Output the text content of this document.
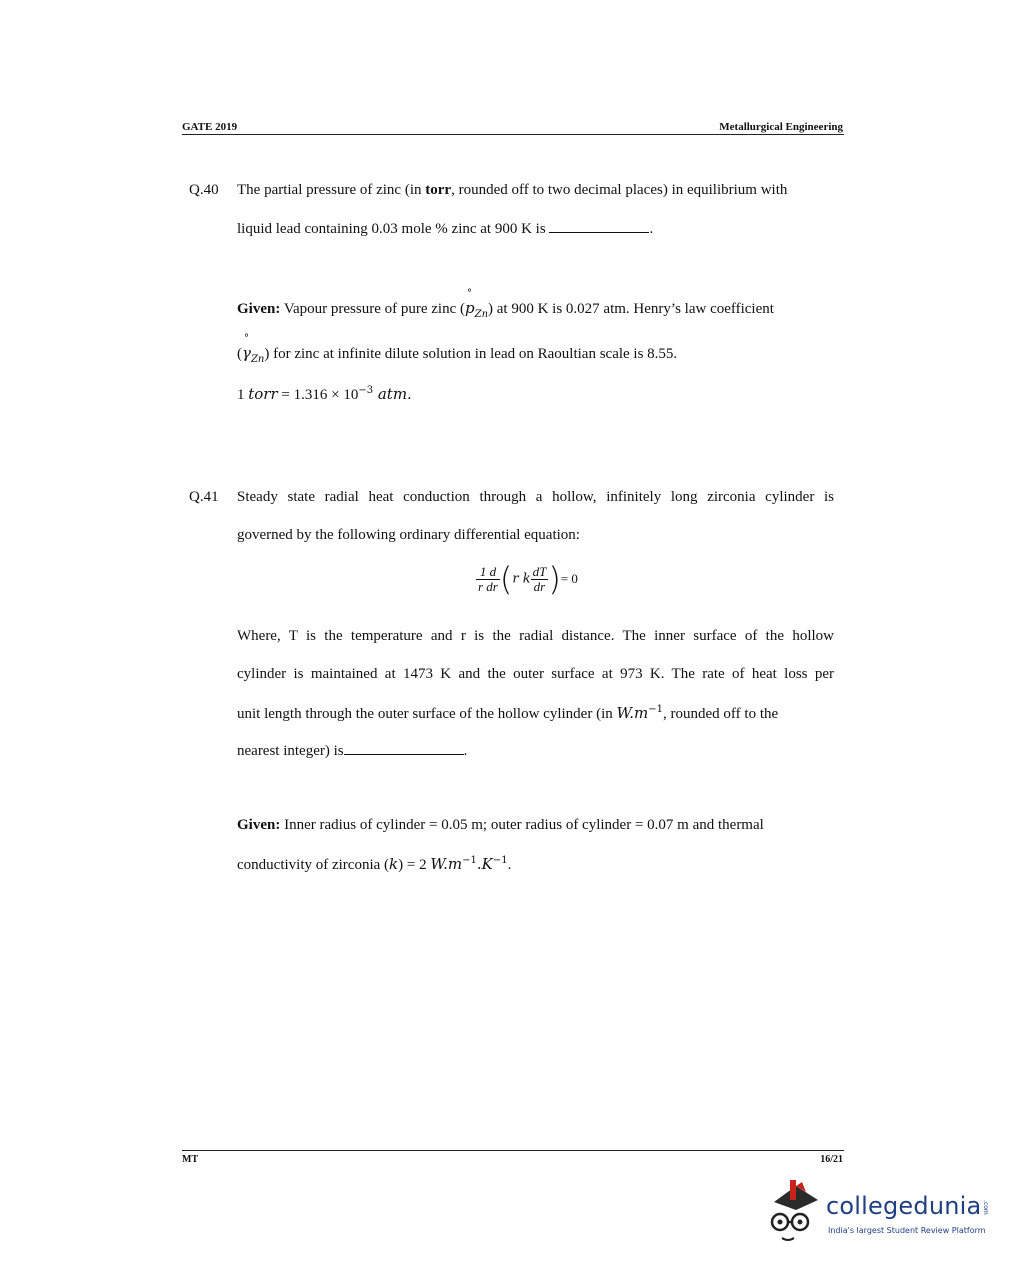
GATE 2019	Metallurgical Engineering
Q.40 The partial pressure of zinc (in torr, rounded off to two decimal places) in equilibrium with
liquid lead containing 0.03 mole % zinc at 900 K is	.
Given: Vapour pressure of pure zinc (° $p_{Zn}$) at 900 K is 0.027 atm. Henry’s law coefficient
(° $\gamma_{Zn}$) for zinc at infinite dilute solution in lead on Raoultian scale is 8.55.
1 torr = $1.316 \times 10^{-3}$ atm.
Q.41 Steady state radial heat conduction through a hollow, infinitely long zirconia cylinder is
governed by the following ordinary differential equation:
$\frac{1 d}{\text{r dr}} (r$ k $\frac{dT}{dr}$ )= 0
Where, T is the temperature and r is the radial distance. The inner surface of the hollow
cylinder is maintained at 1473 K and the outer surface at 973 K. The rate of heat loss per
unit length through the outer surface of the hollow cylinder (in $W.m^{-1}$, rounded off to the
nearest integer) is	.
Given: Inner radius of cylinder = 0.05 m; outer radius of cylinder = 0.07 m and thermal
conductivity of zirconia (k) = 2 $W.m^{-1}.K^{-1}$.
MT	16/21
collegedunia .com
India's largest Student Review Platform
